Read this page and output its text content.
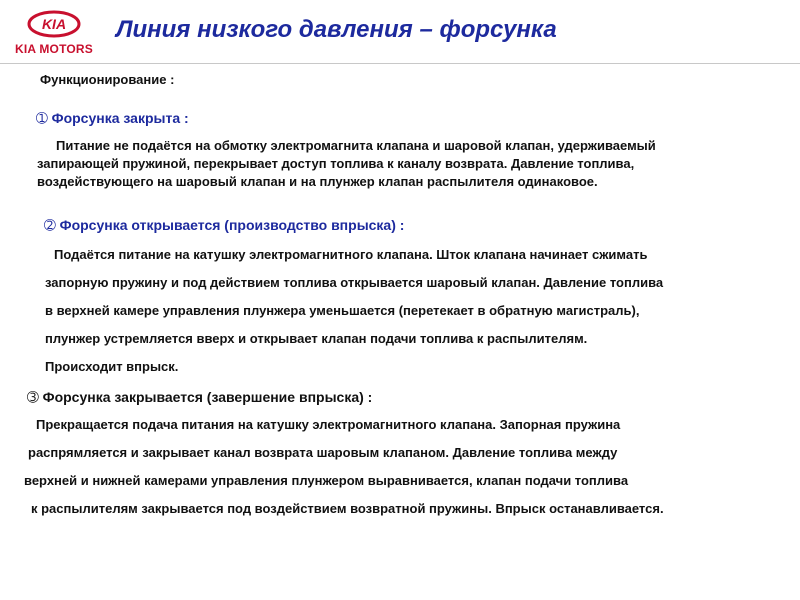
KIA
KIA MOTORS
Линия низкого давления – форсунка
Функционирование :
➀ Форсунка закрыта :
Питание не подаётся на обмотку электромагнита клапана и шаровой клапан, удерживаемый
запирающей пружиной, перекрывает доступ топлива к каналу возврата. Давление топлива,
воздействующего на шаровый клапан и на плунжер клапан распылителя одинаковое.
➁ Форсунка открывается (производство впрыска) :
Подаётся питание на катушку электромагнитного клапана. Шток клапана начинает сжимать
запорную пружину и под действием топлива открывается шаровый клапан. Давление топлива
в верхней камере управления плунжера уменьшается (перетекает в обратную магистраль),
плунжер устремляется вверх и открывает клапан подачи топлива к распылителям.
Происходит впрыск.
➂ Форсунка закрывается (завершение впрыска) :
Прекращается подача питания на катушку электромагнитного клапана. Запорная пружина
распрямляется и закрывает канал возврата шаровым клапаном. Давление топлива между
верхней и нижней камерами управления плунжером выравнивается, клапан подачи топлива
к распылителям закрывается под воздействием возвратной пружины. Впрыск останавливается.
